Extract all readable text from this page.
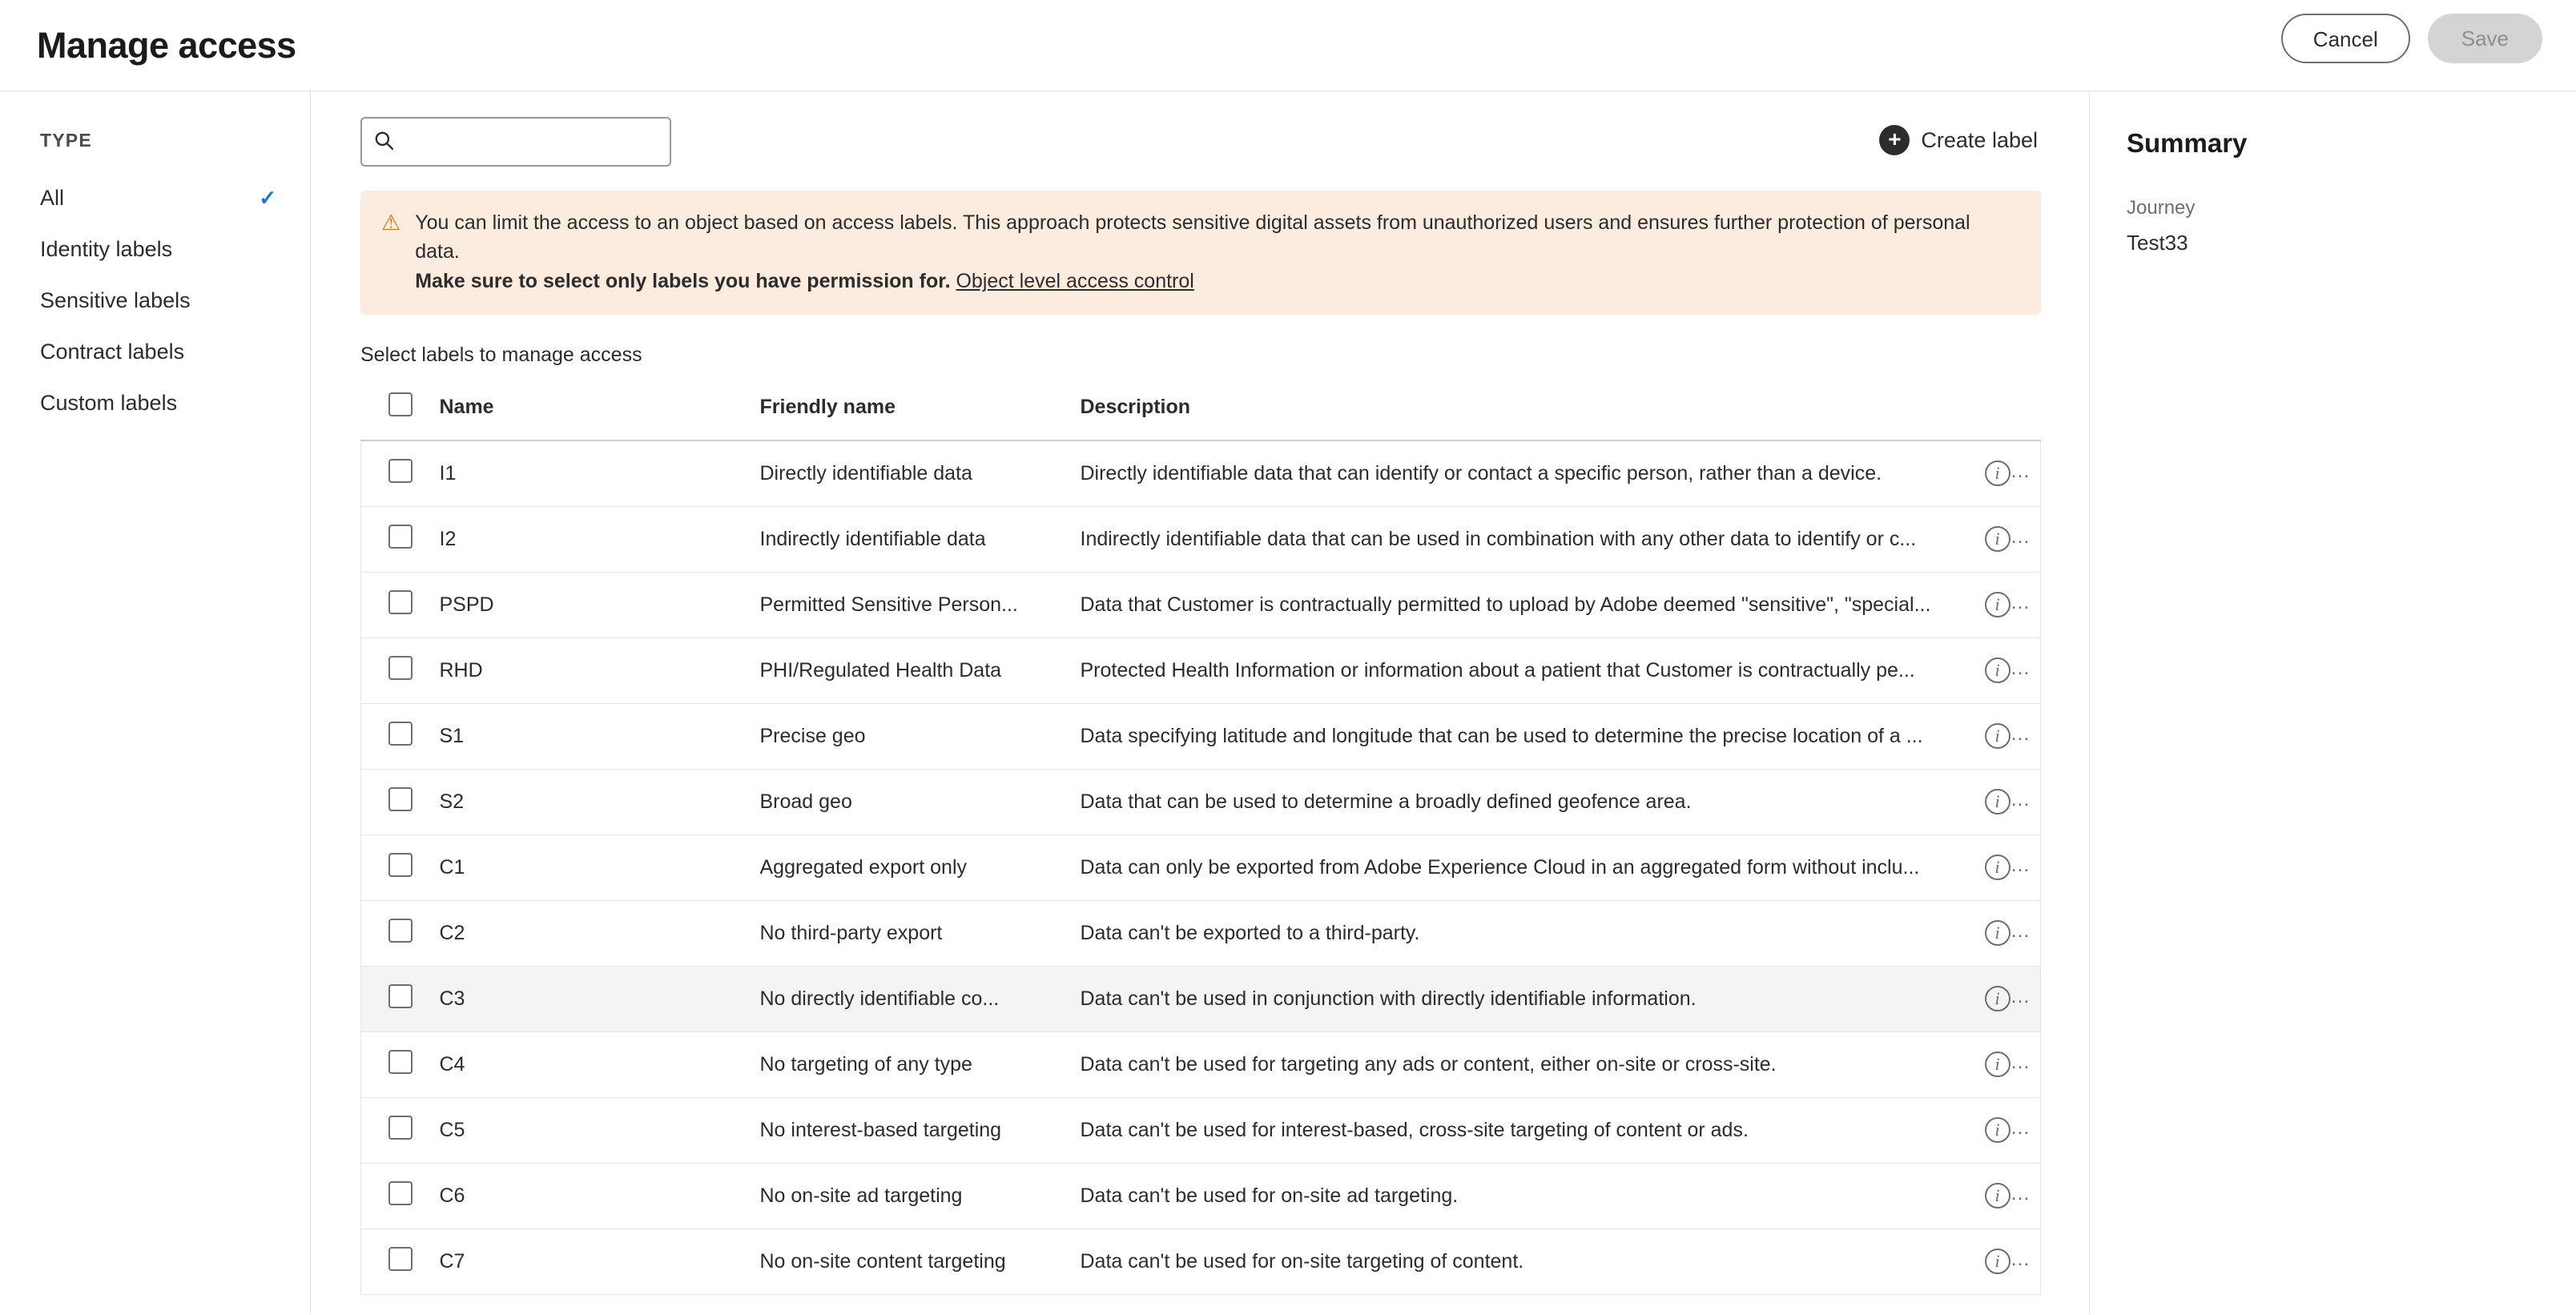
Manage access	Cancel	Save
TYPE
All	✓
Identity labels
Sensitive labels
Contract labels
Custom labels
+ Create label
⚠ You can limit the access to an object based on access labels. This approach protects sensitive digital assets from unauthorized users and ensures further protection of personal data.
Make sure to select only labels you have permission for. Object level access control
Select labels to manage access
	Name	Friendly name	Description	
	I1	Directly identifiable data	Directly identifiable data that can identify or contact a specific person, rather than a device.	i
	I2	Indirectly identifiable data	Indirectly identifiable data that can be used in combination with any other data to identify or c...	i
	PSPD	Permitted Sensitive Person...	Data that Customer is contractually permitted to upload by Adobe deemed "sensitive", "special...	i
	RHD	PHI/Regulated Health Data	Protected Health Information or information about a patient that Customer is contractually pe...	i
	S1	Precise geo	Data specifying latitude and longitude that can be used to determine the precise location of a ...	i
	S2	Broad geo	Data that can be used to determine a broadly defined geofence area.	i
	C1	Aggregated export only	Data can only be exported from Adobe Experience Cloud in an aggregated form without inclu...	i
	C2	No third-party export	Data can't be exported to a third-party.	i
	C3	No directly identifiable co...	Data can't be used in conjunction with directly identifiable information.	i
	C4	No targeting of any type	Data can't be used for targeting any ads or content, either on-site or cross-site.	i
	C5	No interest-based targeting	Data can't be used for interest-based, cross-site targeting of content or ads.	i
	C6	No on-site ad targeting	Data can't be used for on-site ad targeting.	i
	C7	No on-site content targeting	Data can't be used for on-site targeting of content.	i
Summary
Journey
Test33
